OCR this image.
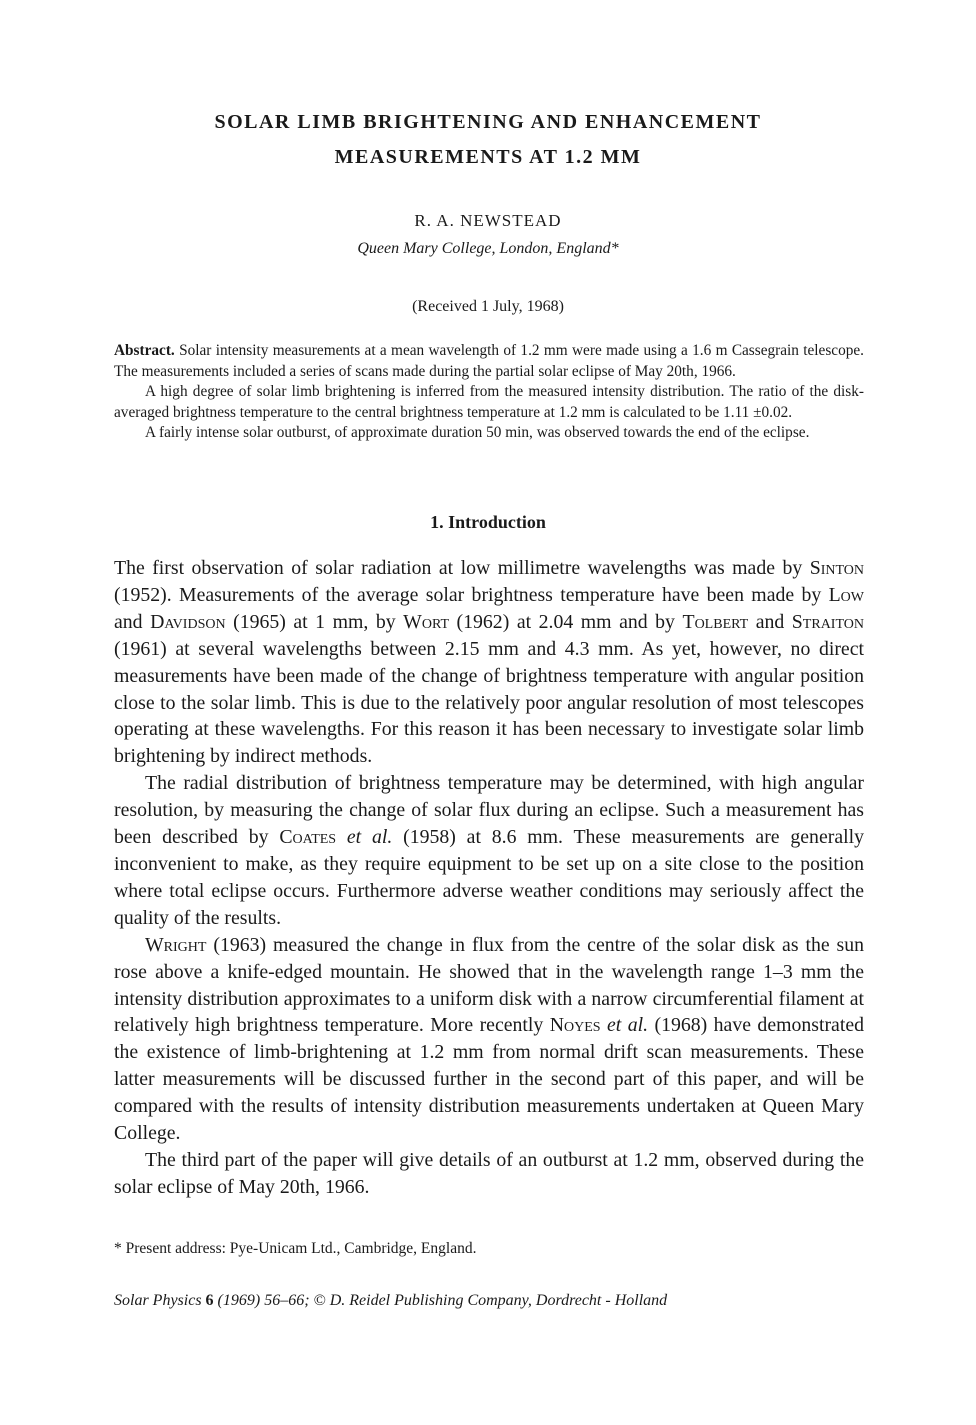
SOLAR LIMB BRIGHTENING AND ENHANCEMENT
MEASUREMENTS AT 1.2 MM
R. A. NEWSTEAD
Queen Mary College, London, England*
(Received 1 July, 1968)

Abstract. Solar intensity measurements at a mean wavelength of 1.2 mm were made using a 1.6 m Cassegrain telescope. The measurements included a series of scans made during the partial solar eclipse of May 20th, 1966.

A high degree of solar limb brightening is inferred from the measured intensity distribution. The ratio of the disk-averaged brightness temperature to the central brightness temperature at 1.2 mm is calculated to be 1.11 ±0.02.

A fairly intense solar outburst, of approximate duration 50 min, was observed towards the end of the eclipse.

1. Introduction

The first observation of solar radiation at low millimetre wavelengths was made by Sinton (1952). Measurements of the average solar brightness temperature have been made by Low and Davidson (1965) at 1 mm, by Wort (1962) at 2.04 mm and by Tolbert and Straiton (1961) at several wavelengths between 2.15 mm and 4.3 mm. As yet, however, no direct measurements have been made of the change of brightness temperature with angular position close to the solar limb. This is due to the relatively poor angular resolution of most telescopes operating at these wavelengths. For this reason it has been necessary to investigate solar limb brightening by indirect methods.

The radial distribution of brightness temperature may be determined, with high angular resolution, by measuring the change of solar flux during an eclipse. Such a measurement has been described by Coates et al. (1958) at 8.6 mm. These measurements are generally inconvenient to make, as they require equipment to be set up on a site close to the position where total eclipse occurs. Furthermore adverse weather conditions may seriously affect the quality of the results.

Wright (1963) measured the change in flux from the centre of the solar disk as the sun rose above a knife-edged mountain. He showed that in the wavelength range 1–3 mm the intensity distribution approximates to a uniform disk with a narrow circumferential filament at relatively high brightness temperature. More recently Noyes et al. (1968) have demonstrated the existence of limb-brightening at 1.2 mm from normal drift scan measurements. These latter measurements will be discussed further in the second part of this paper, and will be compared with the results of intensity distribution measurements undertaken at Queen Mary College.

The third part of the paper will give details of an outburst at 1.2 mm, observed during the solar eclipse of May 20th, 1966.

* Present address: Pye-Unicam Ltd., Cambridge, England.
Solar Physics 6 (1969) 56–66; © D. Reidel Publishing Company, Dordrecht - Holland
